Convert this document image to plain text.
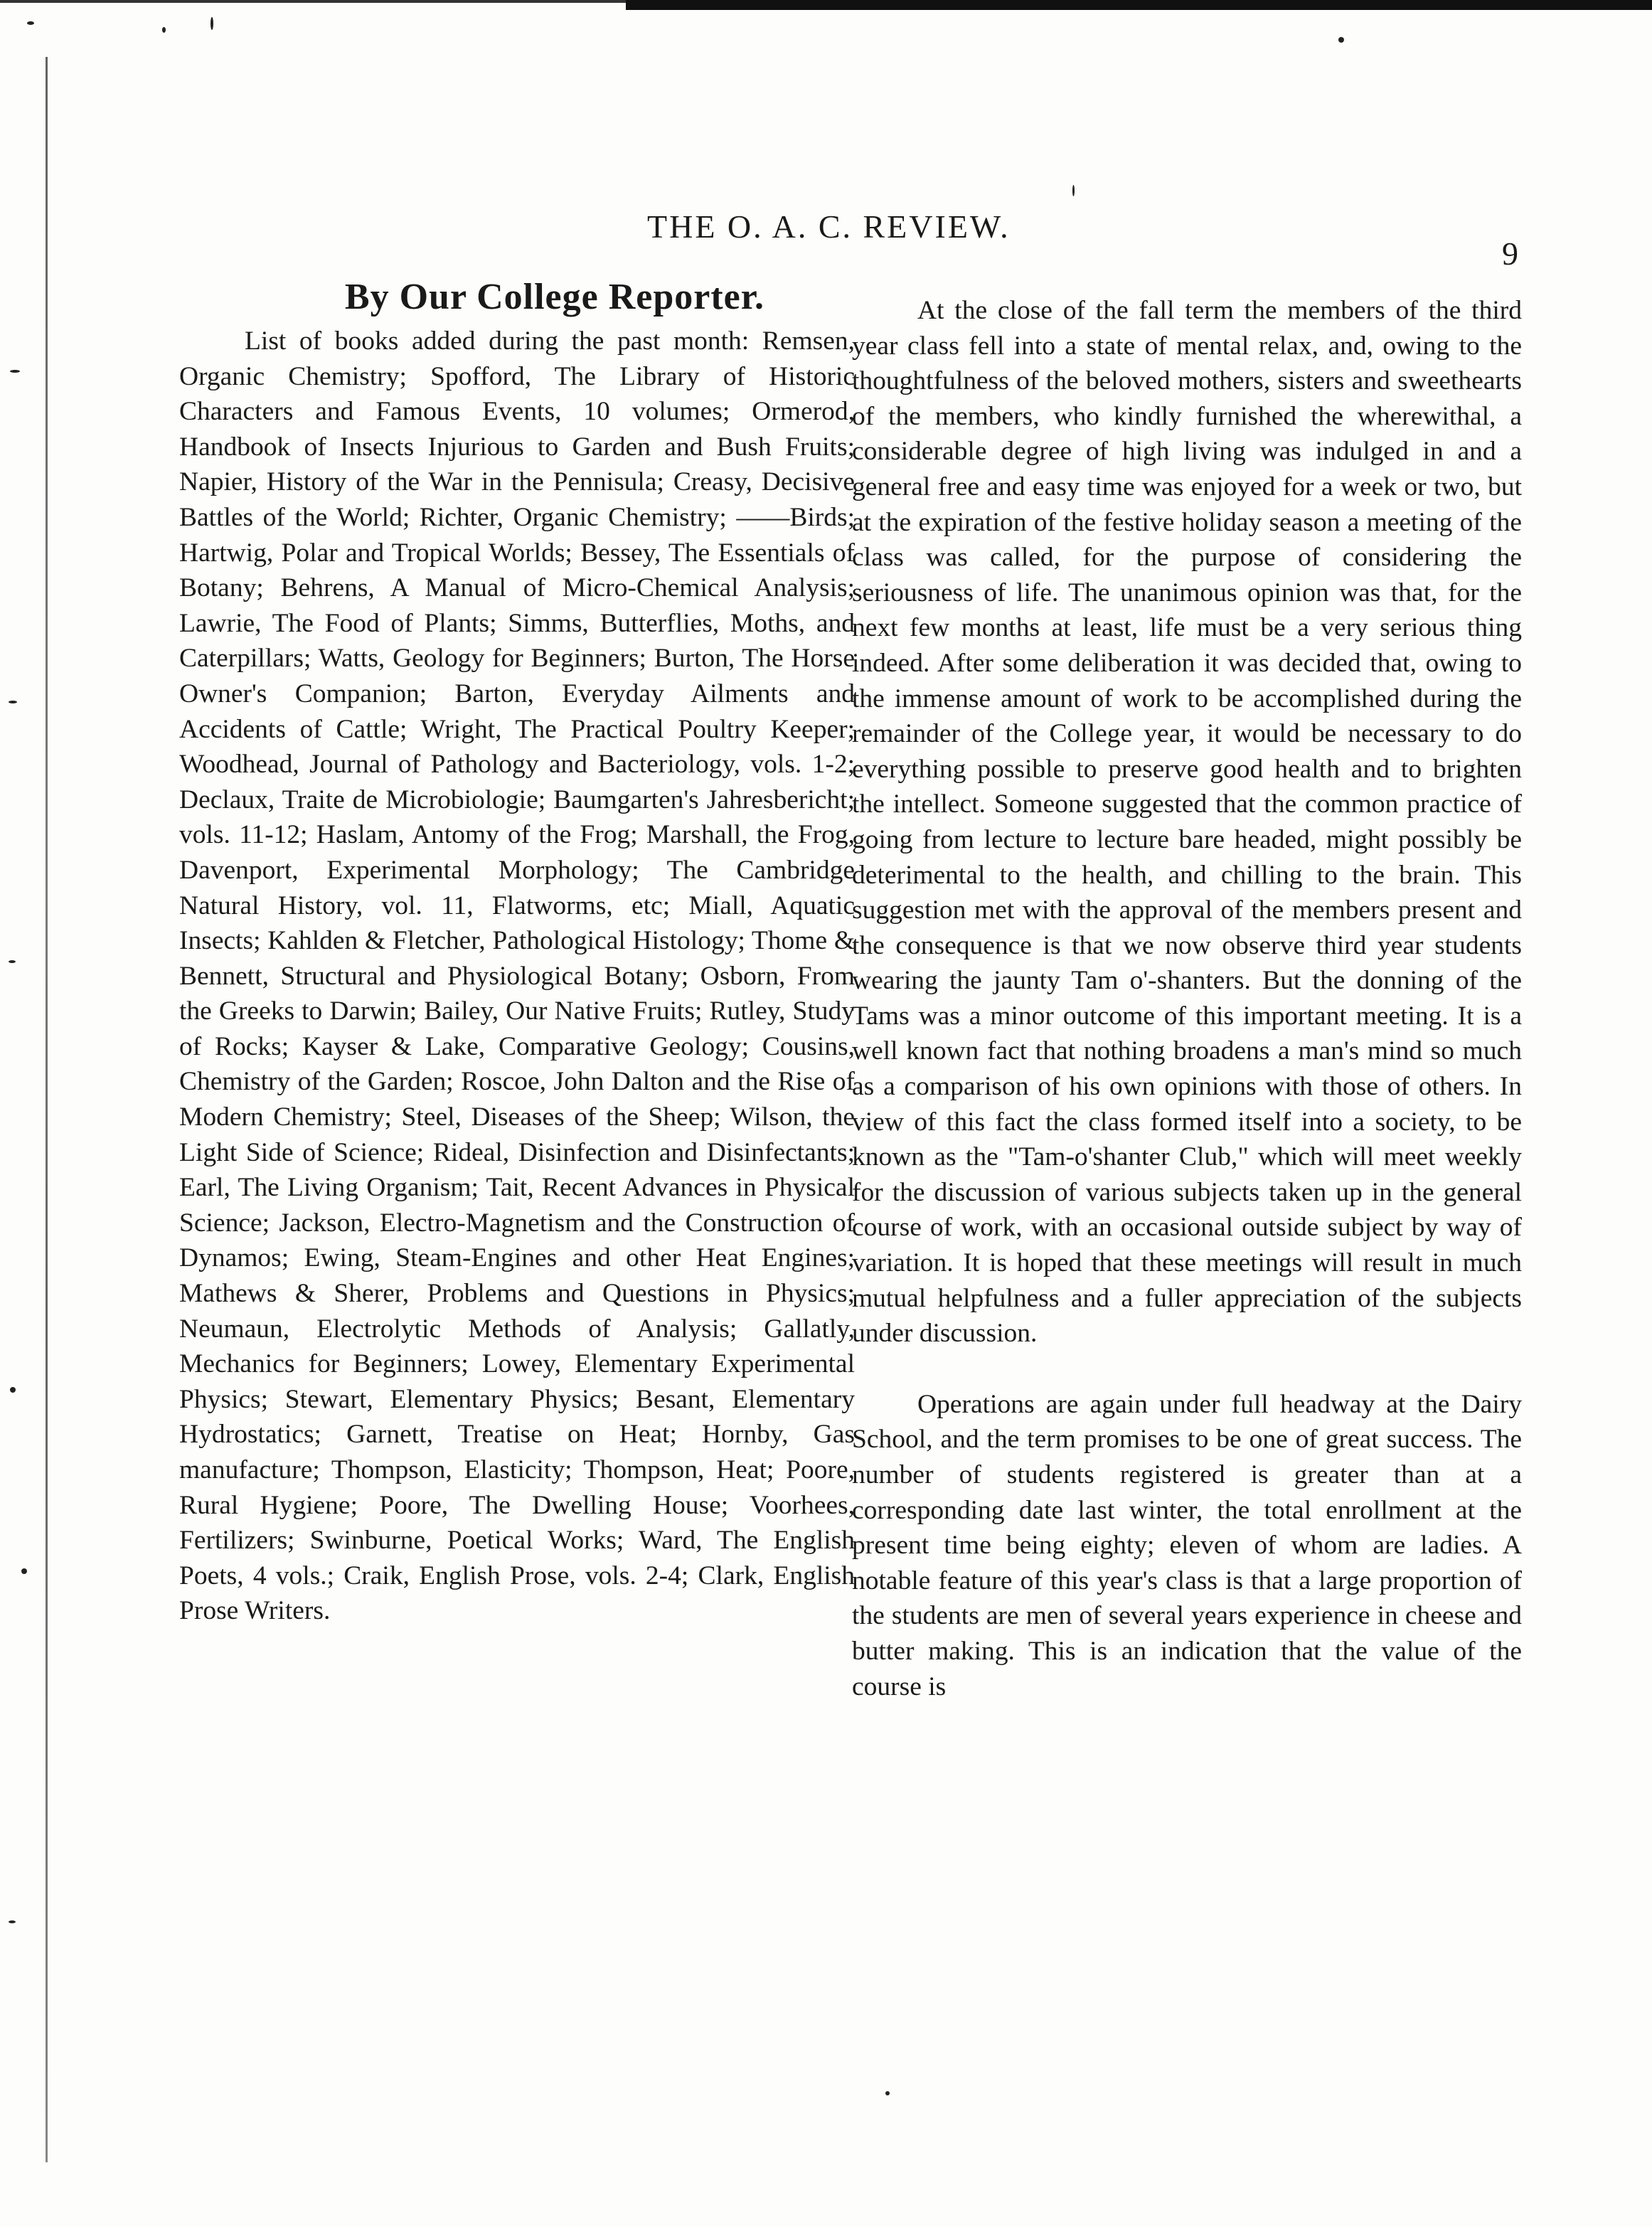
THE O. A. C. REVIEW.
9
By Our College Reporter.

List of books added during the past month: Remsen, Organic Chemistry; Spofford, The Library of Historic Characters and Famous Events, 10 volumes; Ormerod, Handbook of Insects Injurious to Garden and Bush Fruits; Napier, History of the War in the Pennisula; Creasy, Decisive Battles of the World; Richter, Organic Chemistry; ——Birds; Hartwig, Polar and Tropical Worlds; Bessey, The Essentials of Botany; Behrens, A Manual of Micro-Chemical Analysis; Lawrie, The Food of Plants; Simms, Butterflies, Moths, and Caterpillars; Watts, Geology for Beginners; Burton, The Horse Owner's Companion; Barton, Everyday Ailments and Accidents of Cattle; Wright, The Practical Poultry Keeper; Woodhead, Journal of Pathology and Bacteriology, vols. 1-2; Declaux, Traite de Microbiologie; Baumgarten's Jahresbericht; vols. 11-12; Haslam, Antomy of the Frog; Marshall, the Frog, Davenport, Experimental Morphology; The Cambridge Natural History, vol. 11, Flatworms, etc; Miall, Aquatic Insects; Kahlden & Fletcher, Pathological Histology; Thome & Bennett, Structural and Physiological Botany; Osborn, From the Greeks to Darwin; Bailey, Our Native Fruits; Rutley, Study of Rocks; Kayser & Lake, Comparative Geology; Cousins, Chemistry of the Garden; Roscoe, John Dalton and the Rise of Modern Chemistry; Steel, Diseases of the Sheep; Wilson, the Light Side of Science; Rideal, Disinfection and Disinfectants; Earl, The Living Organism; Tait, Recent Advances in Physical Science; Jackson, Electro-Magnetism and the Construction of Dynamos; Ewing, Steam-Engines and other Heat Engines; Mathews & Sherer, Problems and Questions in Physics; Neumaun, Electrolytic Methods of Analysis; Gallatly, Mechanics for Beginners; Lowey, Elementary Experimental Physics; Stewart, Elementary Physics; Besant, Elementary Hydrostatics; Garnett, Treatise on Heat; Hornby, Gas manufacture; Thompson, Elasticity; Thompson, Heat; Poore, Rural Hygiene; Poore, The Dwelling House; Voorhees, Fertilizers; Swinburne, Poetical Works; Ward, The English Poets, 4 vols.; Craik, English Prose, vols. 2-4; Clark, English Prose Writers.

At the close of the fall term the members of the third year class fell into a state of mental relax, and, owing to the thoughtfulness of the beloved mothers, sisters and sweethearts of the members, who kindly furnished the wherewithal, a considerable degree of high living was indulged in and a general free and easy time was enjoyed for a week or two, but at the expiration of the festive holiday season a meeting of the class was called, for the purpose of considering the seriousness of life. The unanimous opinion was that, for the next few months at least, life must be a very serious thing indeed. After some deliberation it was decided that, owing to the immense amount of work to be accomplished during the remainder of the College year, it would be necessary to do everything possible to preserve good health and to brighten the intellect. Someone suggested that the common practice of going from lecture to lecture bare headed, might possibly be deterimental to the health, and chilling to the brain. This suggestion met with the approval of the members present and the consequence is that we now observe third year students wearing the jaunty Tam o'-shanters. But the donning of the Tams was a minor outcome of this important meeting. It is a well known fact that nothing broadens a man's mind so much as a comparison of his own opinions with those of others. In view of this fact the class formed itself into a society, to be known as the "Tam-o'shanter Club," which will meet weekly for the discussion of various subjects taken up in the general course of work, with an occasional outside subject by way of variation. It is hoped that these meetings will result in much mutual helpfulness and a fuller appreciation of the subjects under discussion.

Operations are again under full headway at the Dairy School, and the term promises to be one of great success. The number of students registered is greater than at a corresponding date last winter, the total enrollment at the present time being eighty; eleven of whom are ladies. A notable feature of this year's class is that a large proportion of the students are men of several years experience in cheese and butter making. This is an indication that the value of the course is
